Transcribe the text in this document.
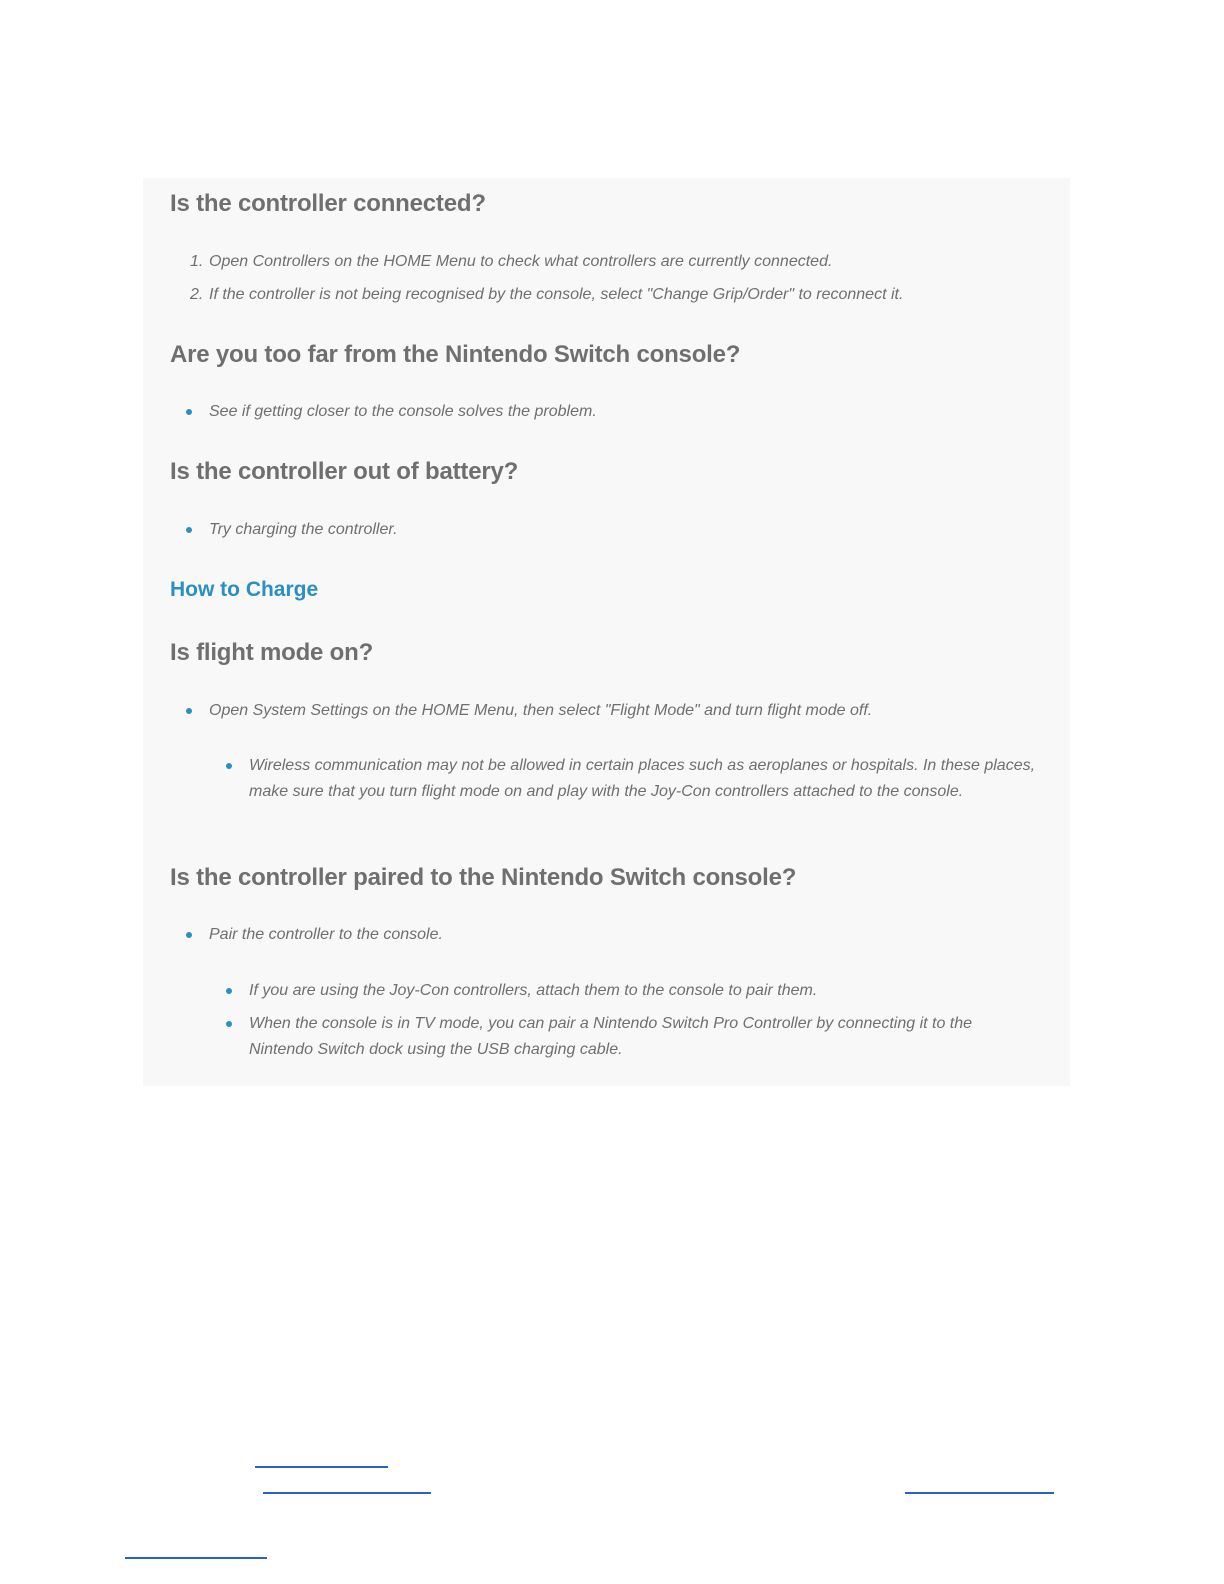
Is the controller connected?
1. Open Controllers on the HOME Menu to check what controllers are currently connected.
2. If the controller is not being recognised by the console, select "Change Grip/Order" to reconnect it.
Are you too far from the Nintendo Switch console?
See if getting closer to the console solves the problem.
Is the controller out of battery?
Try charging the controller.
How to Charge
Is flight mode on?
Open System Settings on the HOME Menu, then select "Flight Mode" and turn flight mode off.
Wireless communication may not be allowed in certain places such as aeroplanes or hospitals. In these places, make sure that you turn flight mode on and play with the Joy-Con controllers attached to the console.
Is the controller paired to the Nintendo Switch console?
Pair the controller to the console.
If you are using the Joy-Con controllers, attach them to the console to pair them.
When the console is in TV mode, you can pair a Nintendo Switch Pro Controller by connecting it to the Nintendo Switch dock using the USB charging cable.
